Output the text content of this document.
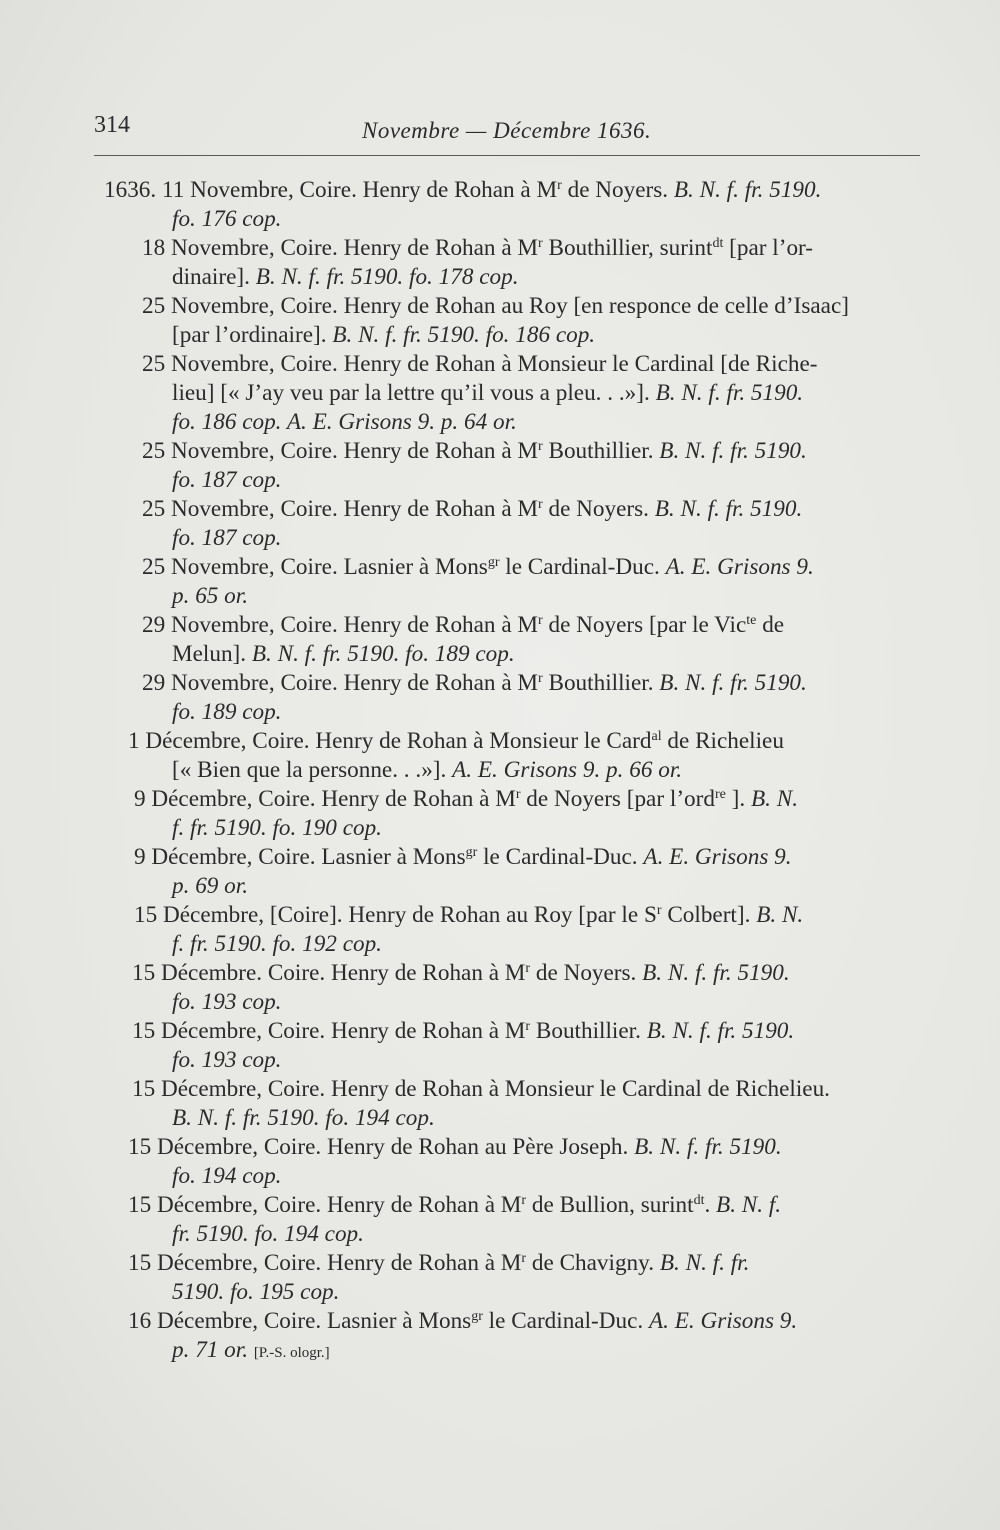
314	Novembre — Décembre 1636.

1636. 11 Novembre, Coire. Henry de Rohan à $M^r$ de Noyers. B. N. f. fr. 5190.
fo. 176 cop.

18 Novembre, Coire. Henry de Rohan à $M^r$ Bouthillier, surint$^{dt}$ [par l’or-
dinaire]. B. N. f. fr. 5190. fo. 178 cop.

25 Novembre, Coire. Henry de Rohan au Roy [en responce de celle d’Isaac]
[par l’ordinaire]. B. N. f. fr. 5190. fo. 186 cop.

25 Novembre, Coire. Henry de Rohan à Monsieur le Cardinal [de Riche-
lieu] [« J’ay veu par la lettre qu’il vous a pleu. . .»]. B. N. f. fr. 5190.
fo. 186 cop. A. E. Grisons 9. p. 64 or.

25 Novembre, Coire. Henry de Rohan à $M^r$ Bouthillier. B. N. f. fr. 5190.
fo. 187 cop.

25 Novembre, Coire. Henry de Rohan à $M^r$ de Noyers. B. N. f. fr. 5190.
fo. 187 cop.

25 Novembre, Coire. Lasnier à Mons$^{gr}$ le Cardinal-Duc. A. E. Grisons 9.
p. 65 or.

29 Novembre, Coire. Henry de Rohan à $M^r$ de Noyers [par le Vic$^{te}$ de
Melun]. B. N. f. fr. 5190. fo. 189 cop.

29 Novembre, Coire. Henry de Rohan à $M^r$ Bouthillier. B. N. f. fr. 5190.
fo. 189 cop.

1 Décembre, Coire. Henry de Rohan à Monsieur le Card$^{al}$ de Richelieu
[« Bien que la personne. . .»]. A. E. Grisons 9. p. 66 or.

9 Décembre, Coire. Henry de Rohan à $M^r$ de Noyers [par l’ord$^{re}$ ]. B. N.
f. fr. 5190. fo. 190 cop.

9 Décembre, Coire. Lasnier à Mons$^{gr}$ le Cardinal-Duc. A. E. Grisons 9.
p. 69 or.

15 Décembre, [Coire]. Henry de Rohan au Roy [par le $S^r$ Colbert]. B. N.
f. fr. 5190. fo. 192 cop.

15 Décembre. Coire. Henry de Rohan à $M^r$ de Noyers. B. N. f. fr. 5190.
fo. 193 cop.

15 Décembre, Coire. Henry de Rohan à $M^r$ Bouthillier. B. N. f. fr. 5190.
fo. 193 cop.

15 Décembre, Coire. Henry de Rohan à Monsieur le Cardinal de Richelieu.
B. N. f. fr. 5190. fo. 194 cop.

15 Décembre, Coire. Henry de Rohan au Père Joseph. B. N. f. fr. 5190.
fo. 194 cop.

15 Décembre, Coire. Henry de Rohan à $M^r$ de Bullion, surint$^{dt}$. B. N. f.
fr. 5190. fo. 194 cop.

15 Décembre, Coire. Henry de Rohan à $M^r$ de Chavigny. B. N. f. fr.
5190. fo. 195 cop.

16 Décembre, Coire. Lasnier à Mons$^{gr}$ le Cardinal-Duc. A. E. Grisons 9.
p. 71 or. [P.-S. ologr.]
